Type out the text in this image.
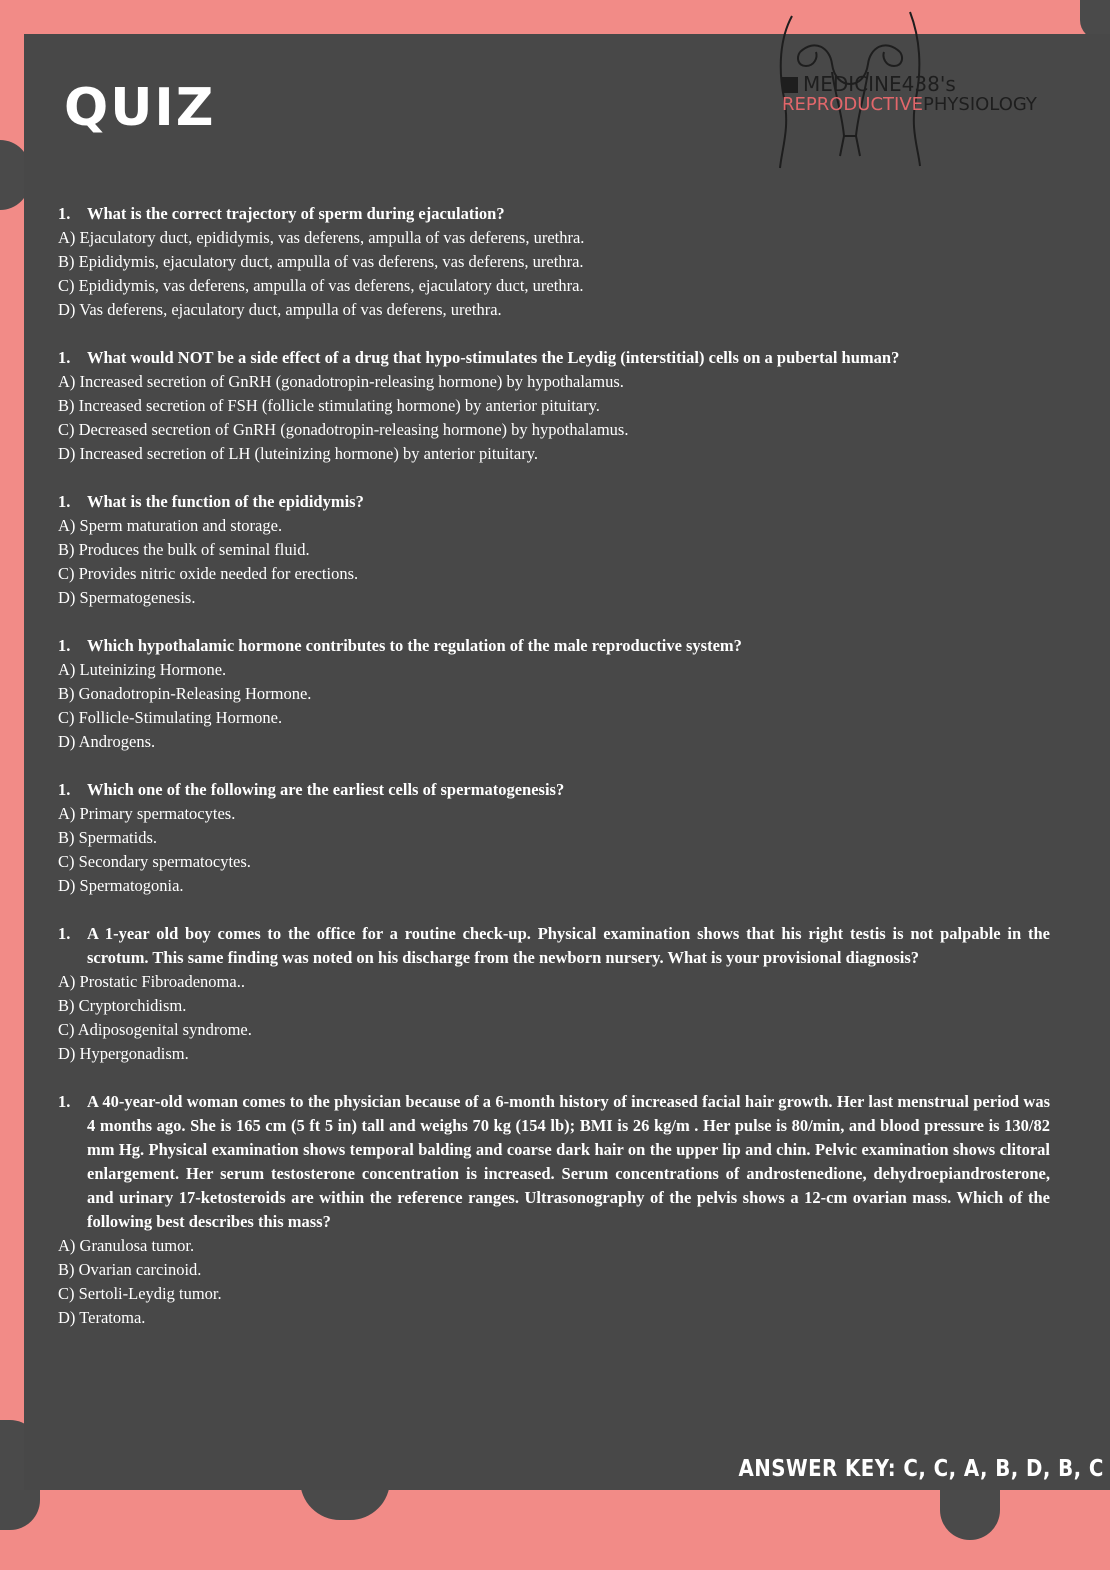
QUIZ	MEDICINE438's
REPRODUCTIVEPHYSIOLOGY
1.	What is the correct trajectory of sperm during ejaculation?
A) Ejaculatory duct, epididymis, vas deferens, ampulla of vas deferens, urethra.
B) Epididymis, ejaculatory duct, ampulla of vas deferens, vas deferens, urethra.
C) Epididymis, vas deferens, ampulla of vas deferens, ejaculatory duct, urethra.
D) Vas deferens, ejaculatory duct, ampulla of vas deferens, urethra.
1.	What would NOT be a side effect of a drug that hypo-stimulates the Leydig (interstitial) cells on a pubertal human?
A) Increased secretion of GnRH (gonadotropin-releasing hormone) by hypothalamus.
B) Increased secretion of FSH (follicle stimulating hormone) by anterior pituitary.
C) Decreased secretion of GnRH (gonadotropin-releasing hormone) by hypothalamus.
D) Increased secretion of LH (luteinizing hormone) by anterior pituitary.
1.	What is the function of the epididymis?
A) Sperm maturation and storage.
B) Produces the bulk of seminal fluid.
C) Provides nitric oxide needed for erections.
D) Spermatogenesis.
1.	Which hypothalamic hormone contributes to the regulation of the male reproductive system?
A) Luteinizing Hormone.
B) Gonadotropin-Releasing Hormone.
C) Follicle-Stimulating Hormone.
D) Androgens.
1.	Which one of the following are the earliest cells of spermatogenesis?
A) Primary spermatocytes.
B) Spermatids.
C) Secondary spermatocytes.
D) Spermatogonia.
1.	A 1-year old boy comes to the office for a routine check-up. Physical examination shows that his right testis is not palpable in the scrotum. This same finding was noted on his discharge from the newborn nursery. What is your provisional diagnosis?
A) Prostatic Fibroadenoma..
B) Cryptorchidism.
C) Adiposogenital syndrome.
D) Hypergonadism.
1.	A 40-year-old woman comes to the physician because of a 6-month history of increased facial hair growth. Her last menstrual period was 4 months ago. She is 165 cm (5 ft 5 in) tall and weighs 70 kg (154 lb); BMI is 26 kg/m . Her pulse is 80/min, and blood pressure is 130/82 mm Hg. Physical examination shows temporal balding and coarse dark hair on the upper lip and chin. Pelvic examination shows clitoral enlargement. Her serum testosterone concentration is increased. Serum concentrations of androstenedione, dehydroepiandrosterone, and urinary 17-ketosteroids are within the reference ranges. Ultrasonography of the pelvis shows a 12-cm ovarian mass. Which of the following best describes this mass?
A) Granulosa tumor.
B) Ovarian carcinoid.
C) Sertoli-Leydig tumor.
D) Teratoma.
ANSWER KEY: C, C, A, B, D, B, C
